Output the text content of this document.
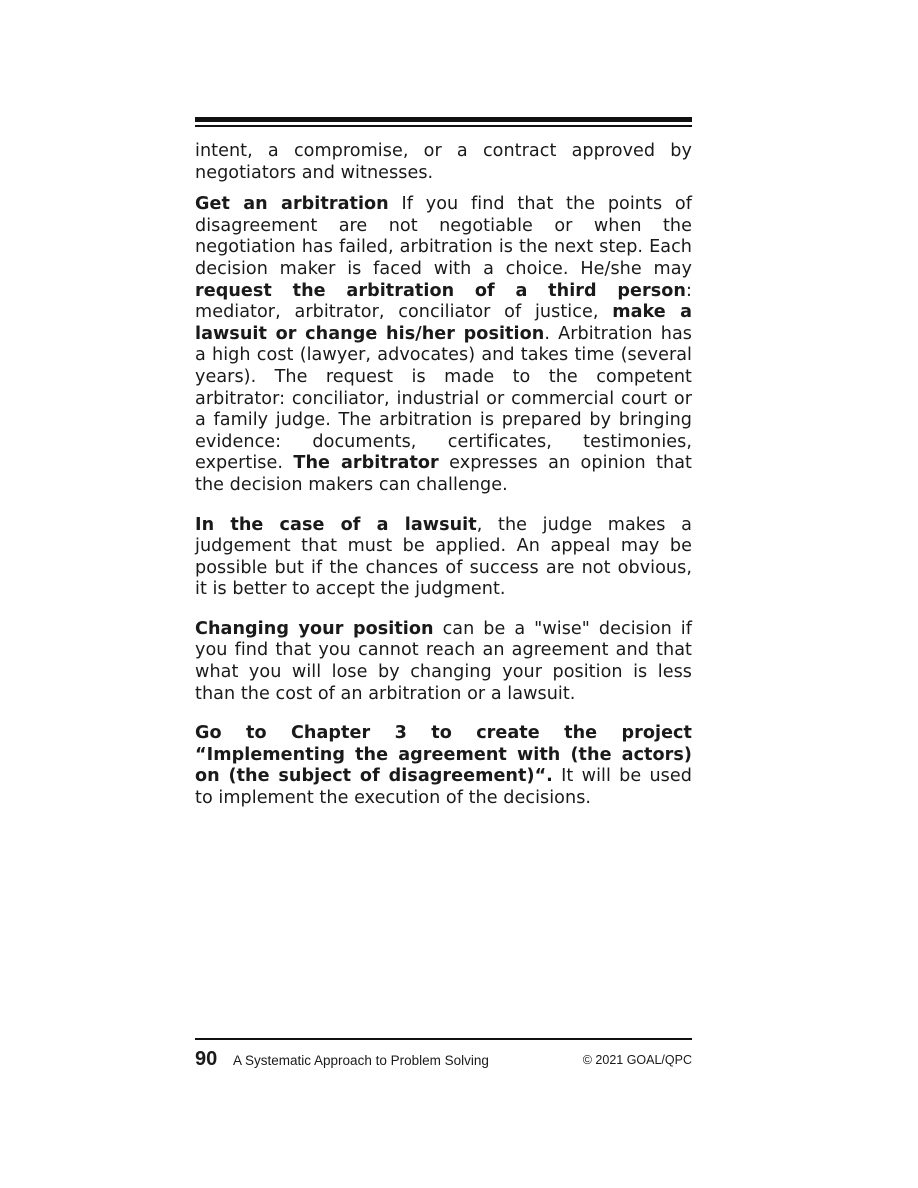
intent, a compromise, or a contract approved by negotiators and witnesses.

Get an arbitration If you find that the points of disagreement are not negotiable or when the negotiation has failed, arbitration is the next step. Each decision maker is faced with a choice. He/she may request the arbitration of a third person: mediator, arbitrator, conciliator of justice, make a lawsuit or change his/her position. Arbitration has a high cost (lawyer, advocates) and takes time (several years). The request is made to the competent arbitrator: conciliator, industrial or commercial court or a family judge. The arbitration is prepared by bringing evidence: documents, certificates, testimonies, expertise. The arbitrator expresses an opinion that the decision makers can challenge.

In the case of a lawsuit, the judge makes a judgement that must be applied. An appeal may be possible but if the chances of success are not obvious, it is better to accept the judgment.

Changing your position can be a "wise" decision if you find that you cannot reach an agreement and that what you will lose by changing your position is less than the cost of an arbitration or a lawsuit.

Go to Chapter 3 to create the project “Implementing the agreement with (the actors) on (the subject of disagreement)“. It will be used to implement the execution of the decisions.

90 A Systematic Approach to Problem Solving	© 2021 GOAL/QPC
